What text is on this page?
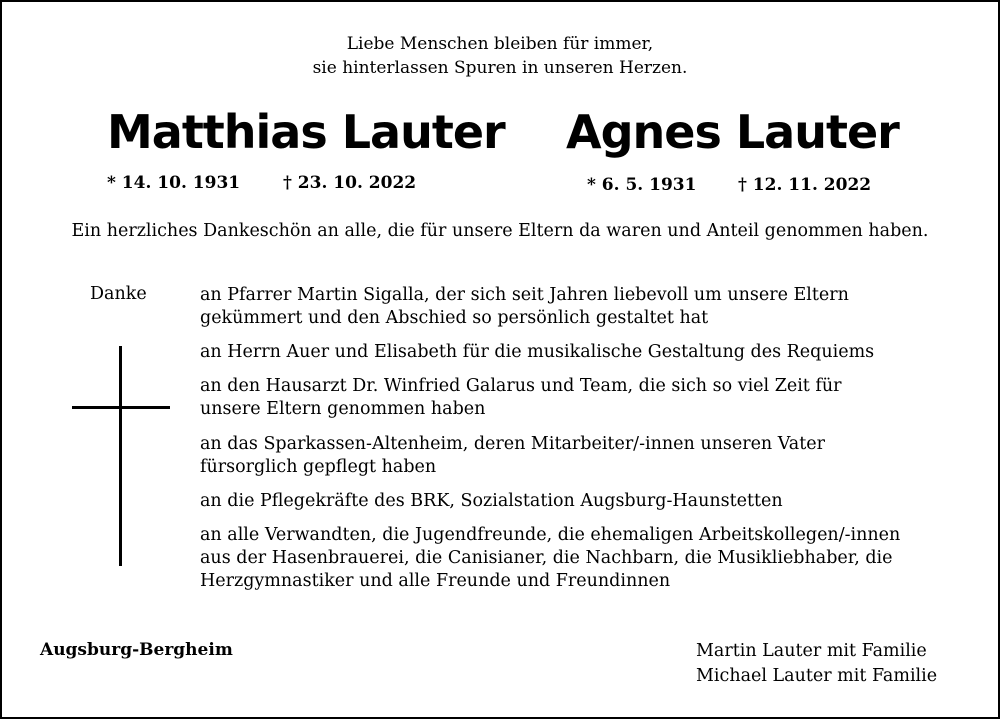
Liebe Menschen bleiben für immer,
sie hinterlassen Spuren in unseren Herzen.
Matthias Lauter Agnes Lauter
* 14. 10. 1931	† 23. 10. 2022	* 6. 5. 1931 † 12. 11. 2022
Ein herzliches Dankeschön an alle, die für unsere Eltern da waren und Anteil genommen haben.
Danke	an Pfarrer Martin Sigalla, der sich seit Jahren liebevoll um unsere Eltern
gekümmert und den Abschied so persönlich gestaltet hat
an Herrn Auer und Elisabeth für die musikalische Gestaltung des Requiems
an den Hausarzt Dr. Winfried Galarus und Team, die sich so viel Zeit für
unsere Eltern genommen haben
an das Sparkassen-Altenheim, deren Mitarbeiter/-innen unseren Vater
fürsorglich gepflegt haben
an die Pflegekräfte des BRK, Sozialstation Augsburg-Haunstetten
an alle Verwandten, die Jugendfreunde, die ehemaligen Arbeitskollegen/-innen
aus der Hasenbrauerei, die Canisianer, die Nachbarn, die Musikliebhaber, die
Herzgymnastiker und alle Freunde und Freundinnen
Augsburg-Bergheim	Martin Lauter mit Familie
Michael Lauter mit Familie
